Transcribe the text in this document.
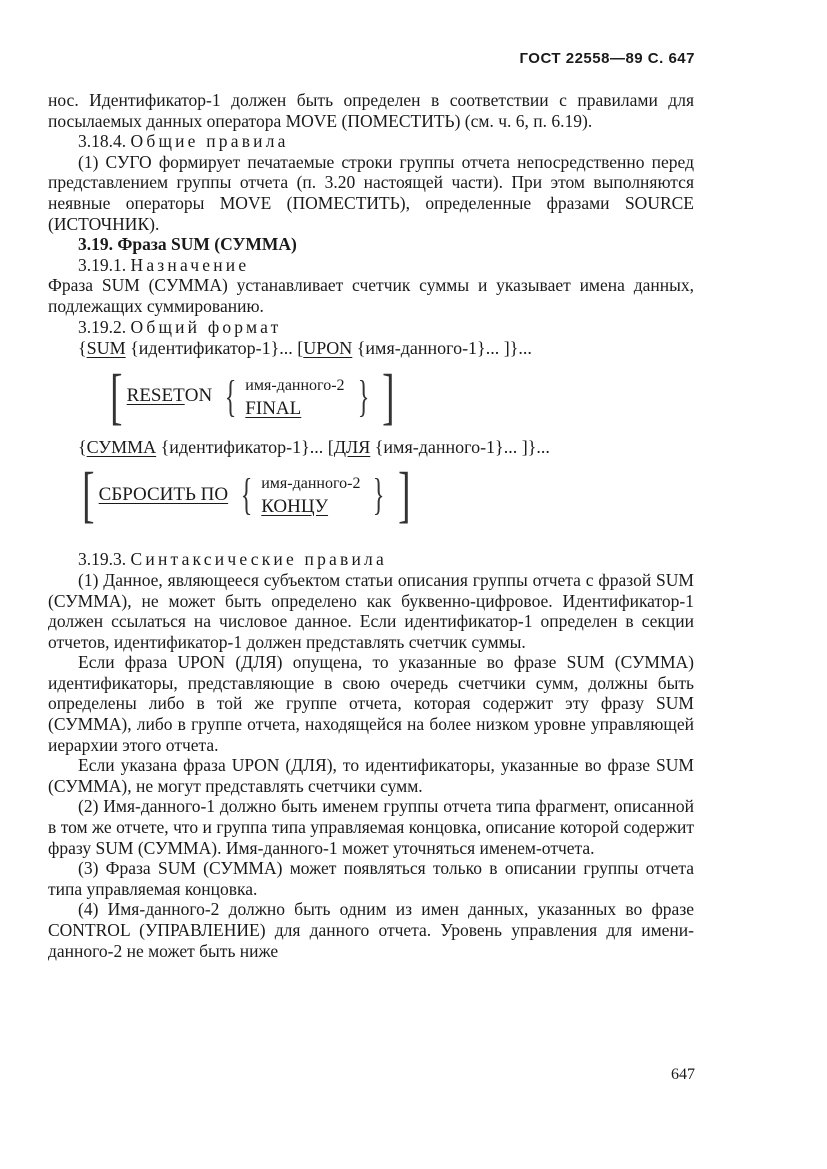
ГОСТ 22558—89 С. 647

нос. Идентификатор-1 должен быть определен в соответствии с правилами для посылаемых данных оператора MOVE (ПОМЕСТИТЬ) (см. ч. 6, п. 6.19).

3.18.4. Общие правила

(1) СУГО формирует печатаемые строки группы отчета непосредственно перед представлением группы отчета (п. 3.20 настоящей части). При этом выполняются неявные операторы MOVE (ПОМЕСТИТЬ), определенные фразами SOURCE (ИСТОЧНИК).

3.19. Фраза SUM (СУММА)

3.19.1. Назначение

Фраза SUM (СУММА) устанавливает счетчик суммы и указывает имена данных, подлежащих суммированию.

3.19.2. Общий формат

{SUM {идентификатор-1}... [UPON {имя-данного-1}... ]}...
[ RESET ON { имя-данного-2
FINAL	} ]
{СУММА {идентификатор-1}... [ДЛЯ {имя-данного-1}... ]}...
[ СБРОСИТЬ ПО { имя-данного-2
КОНЦУ	} ]

3.19.3. Синтаксические правила

(1) Данное, являющееся субъектом статьи описания группы отчета с фразой SUM (СУММА), не может быть определено как буквенно-цифровое. Идентификатор-1 должен ссылаться на числовое данное. Если идентификатор-1 определен в секции отчетов, идентификатор-1 должен представлять счетчик суммы.

Если фраза UPON (ДЛЯ) опущена, то указанные во фразе SUM (СУММА) идентификаторы, представляющие в свою очередь счетчики сумм, должны быть определены либо в той же группе отчета, которая содержит эту фразу SUM (СУММА), либо в группе отчета, находящейся на более низком уровне управляющей иерархии этого отчета.

Если указана фраза UPON (ДЛЯ), то идентификаторы, указанные во фразе SUM (СУММА), не могут представлять счетчики сумм.

(2) Имя-данного-1 должно быть именем группы отчета типа фрагмент, описанной в том же отчете, что и группа типа управляемая концовка, описание которой содержит фразу SUM (СУММА). Имя-данного-1 может уточняться именем-отчета.

(3) Фраза SUM (СУММА) может появляться только в описании группы отчета типа управляемая концовка.

(4) Имя-данного-2 должно быть одним из имен данных, указанных во фразе CONTROL (УПРАВЛЕНИЕ) для данного отчета. Уровень управления для имени-данного-2 не может быть ниже

647
